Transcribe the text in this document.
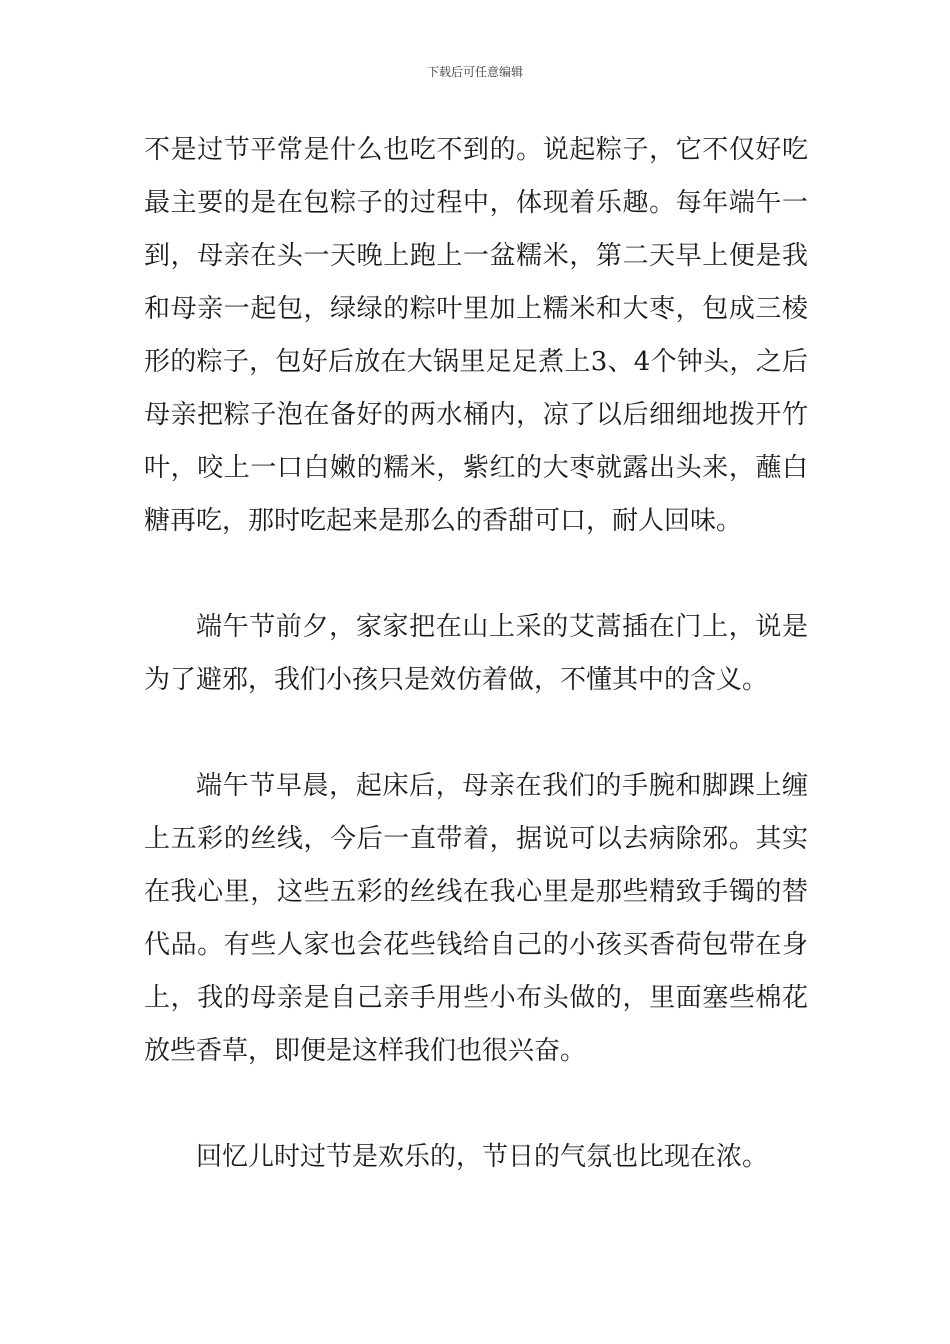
下载后可任意编辑

不是过节平常是什么也吃不到的。说起粽子，它不仅好吃最主要的是在包粽子的过程中，体现着乐趣。每年端午一到，母亲在头一天晚上跑上一盆糯米，第二天早上便是我和母亲一起包，绿绿的粽叶里加上糯米和大枣，包成三棱形的粽子，包好后放在大锅里足足煮上3、4个钟头，之后母亲把粽子泡在备好的两水桶内，凉了以后细细地拨开竹叶，咬上一口白嫩的糯米，紫红的大枣就露出头来，蘸白糖再吃，那时吃起来是那么的香甜可口，耐人回味。

端午节前夕，家家把在山上采的艾蒿插在门上，说是为了避邪，我们小孩只是效仿着做，不懂其中的含义。

端午节早晨，起床后，母亲在我们的手腕和脚踝上缠上五彩的丝线，今后一直带着，据说可以去病除邪。其实在我心里，这些五彩的丝线在我心里是那些精致手镯的替代品。有些人家也会花些钱给自己的小孩买香荷包带在身上，我的母亲是自己亲手用些小布头做的，里面塞些棉花放些香草，即便是这样我们也很兴奋。

回忆儿时过节是欢乐的，节日的气氛也比现在浓。
